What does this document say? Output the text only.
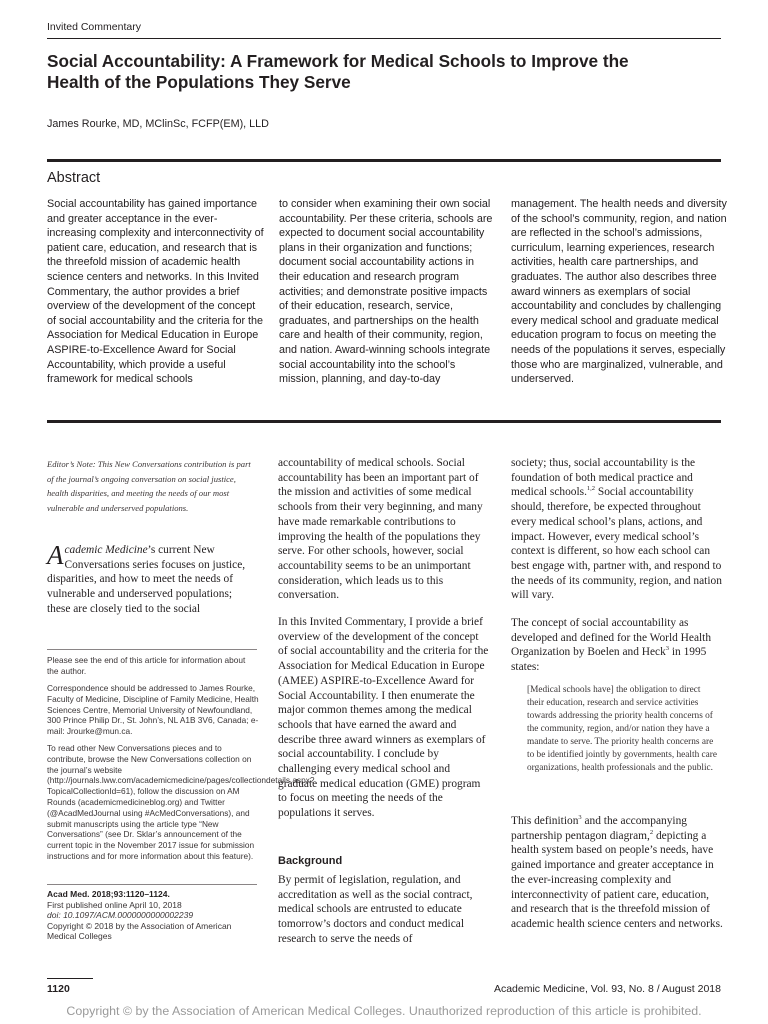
Invited Commentary
Social Accountability: A Framework for Medical Schools to Improve the Health of the Populations They Serve
James Rourke, MD, MClinSc, FCFP(EM), LLD
Abstract

Social accountability has gained importance and greater acceptance in the ever-increasing complexity and interconnectivity of patient care, education, and research that is the threefold mission of academic health science centers and networks. In this Invited Commentary, the author provides a brief overview of the development of the concept of social accountability and the criteria for the Association for Medical Education in Europe ASPIRE-to-Excellence Award for Social Accountability, which provide a useful framework for medical schools

to consider when examining their own social accountability. Per these criteria, schools are expected to document social accountability plans in their organization and functions; document social accountability actions in their education and research program activities; and demonstrate positive impacts of their education, research, service, graduates, and partnerships on the health care and health of their community, region, and nation. Award-winning schools integrate social accountability into the school’s mission, planning, and day-to-day

management. The health needs and diversity of the school’s community, region, and nation are reflected in the school’s admissions, curriculum, learning experiences, research activities, health care partnerships, and graduates. The author also describes three award winners as exemplars of social accountability and concludes by challenging every medical school and graduate medical education program to focus on meeting the needs of the populations it serves, especially those who are marginalized, vulnerable, and underserved.

Editor’s Note: This New Conversations contribution is part of the journal’s ongoing conversation on social justice, health disparities, and meeting the needs of our most vulnerable and underserved populations.

Academic Medicine’s current New Conversations series focuses on justice, disparities, and how to meet the needs of vulnerable and underserved populations; these are closely tied to the social

Please see the end of this article for information about the author.

Correspondence should be addressed to James Rourke, Faculty of Medicine, Discipline of Family Medicine, Health Sciences Centre, Memorial University of Newfoundland, 300 Prince Philip Dr., St. John’s, NL A1B 3V6, Canada; e-mail: Jrourke@mun.ca.

To read other New Conversations pieces and to contribute, browse the New Conversations collection on the journal’s website (http://journals.lww.com/academicmedicine/pages/collectiondetails.aspx?TopicalCollectionId=61), follow the discussion on AM Rounds (academicmedicineblog.org) and Twitter (@AcadMedJournal using #AcMedConversations), and submit manuscripts using the article type “New Conversations” (see Dr. Sklar’s announcement of the current topic in the November 2017 issue for submission instructions and for more information about this feature).

Acad Med. 2018;93:1120–1124.
First published online April 10, 2018
doi: 10.1097/ACM.0000000000002239
Copyright © 2018 by the Association of American Medical Colleges

accountability of medical schools. Social accountability has been an important part of the mission and activities of some medical schools from their very beginning, and many have made remarkable contributions to improving the health of the populations they serve. For other schools, however, social accountability seems to be an unimportant consideration, which leads us to this conversation.

In this Invited Commentary, I provide a brief overview of the development of the concept of social accountability and the criteria for the Association for Medical Education in Europe (AMEE) ASPIRE-to-Excellence Award for Social Accountability. I then enumerate the major common themes among the medical schools that have earned the award and describe three award winners as exemplars of social accountability. I conclude by challenging every medical school and graduate medical education (GME) program to focus on meeting the needs of the populations it serves.

Background

By permit of legislation, regulation, and accreditation as well as the social contract, medical schools are entrusted to educate tomorrow’s doctors and conduct medical research to serve the needs of

society; thus, social accountability is the foundation of both medical practice and medical schools.$^{1,2}$ Social accountability should, therefore, be expected throughout every medical school’s plans, actions, and impact. However, every medical school’s context is different, so how each school can best engage with, partner with, and respond to the needs of its community, region, and nation will vary.

The concept of social accountability as developed and defined for the World Health Organization by Boelen and Heck$^3$ in 1995 states:

[Medical schools have] the obligation to direct their education, research and service activities towards addressing the priority health concerns of the community, region, and/or nation they have a mandate to serve. The priority health concerns are to be identified jointly by governments, health care organizations, health professionals and the public.

This definition$^3$ and the accompanying partnership pentagon diagram,$^2$ depicting a health system based on people’s needs, have gained importance and greater acceptance in the ever-increasing complexity and interconnectivity of patient care, education, and research that is the threefold mission of academic health science centers and networks.

1120	Academic Medicine, Vol. 93, No. 8 / August 2018
Copyright © by the Association of American Medical Colleges. Unauthorized reproduction of this article is prohibited.
